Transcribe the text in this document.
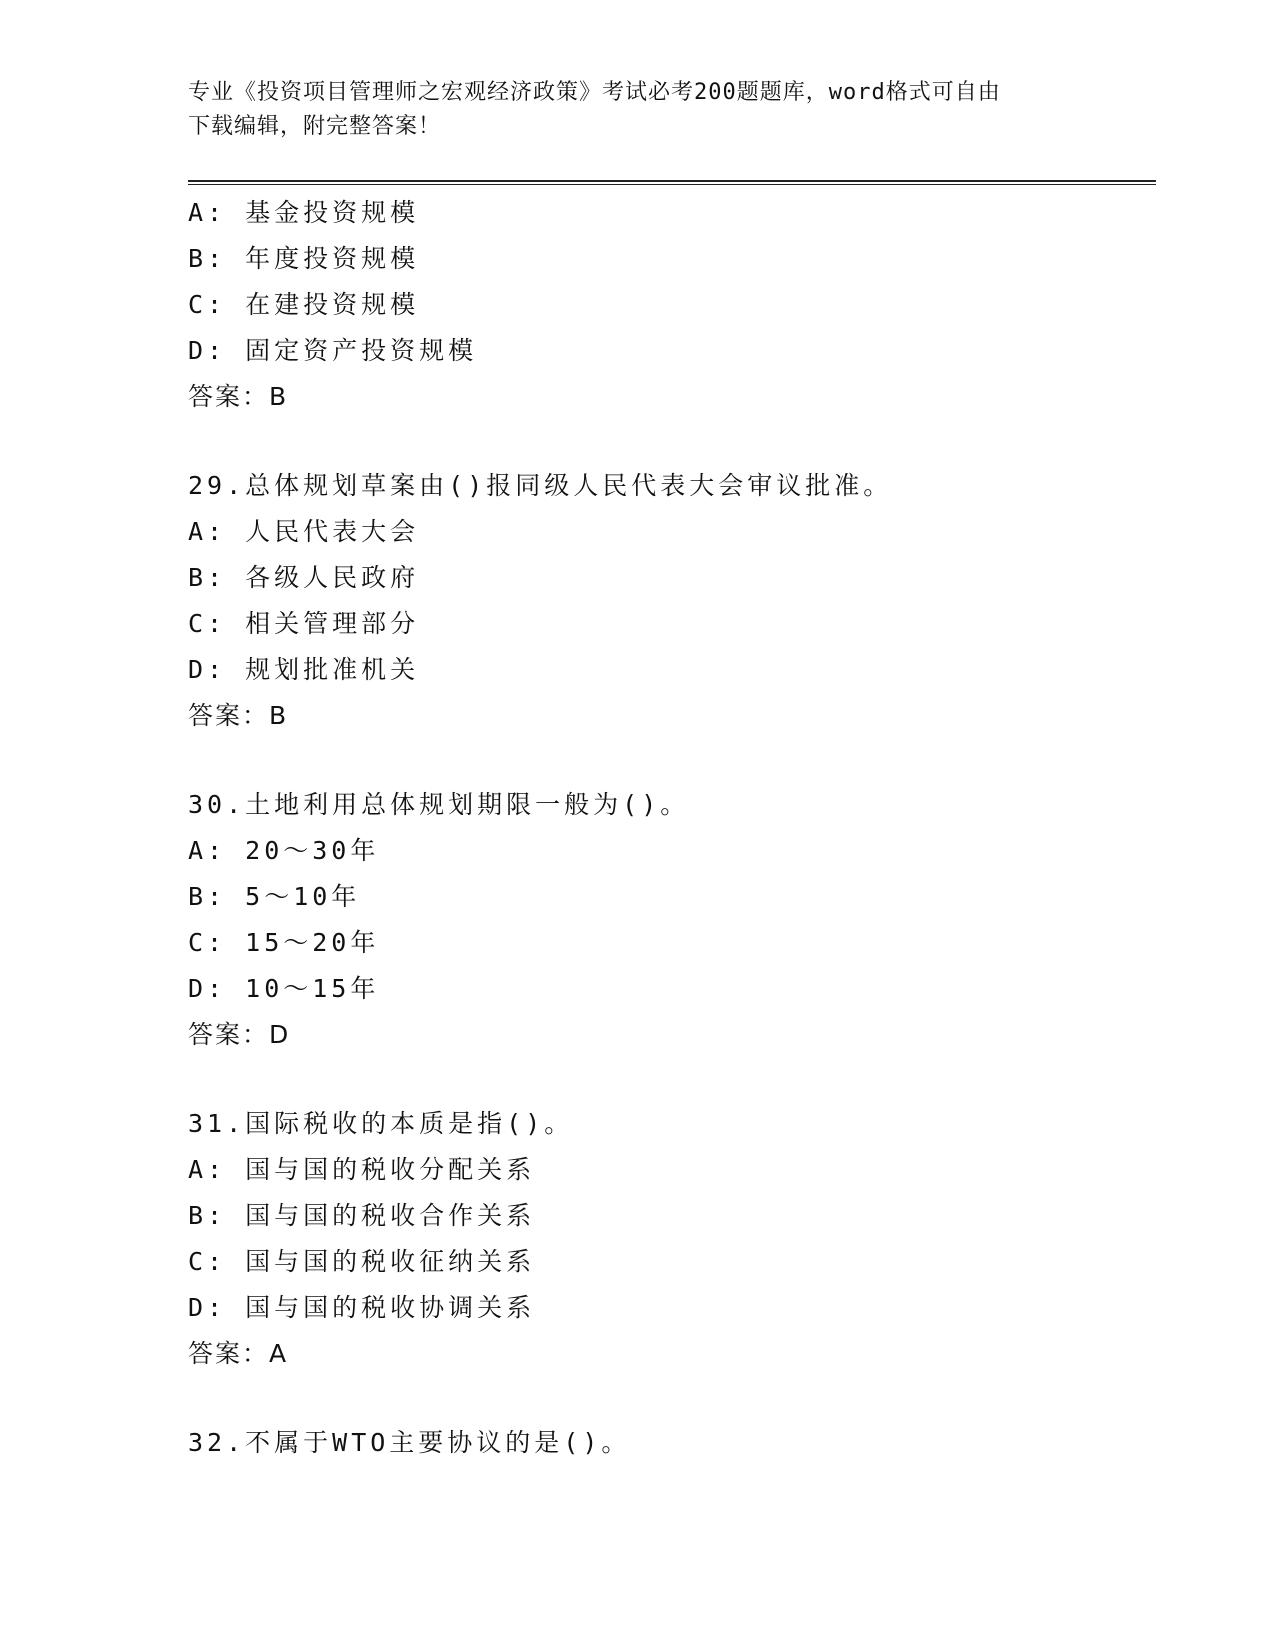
专业《投资项目管理师之宏观经济政策》考试必考200题题库，word格式可自由
下载编辑，附完整答案！
A: 基金投资规模
B: 年度投资规模
C: 在建投资规模
D: 固定资产投资规模
答案：B
29.总体规划草案由()报同级人民代表大会审议批准。
A: 人民代表大会
B: 各级人民政府
C: 相关管理部分
D: 规划批准机关
答案：B
30.土地利用总体规划期限一般为()。
A: 20～30年
B: 5～10年
C: 15～20年
D: 10～15年
答案：D
31.国际税收的本质是指()。
A: 国与国的税收分配关系
B: 国与国的税收合作关系
C: 国与国的税收征纳关系
D: 国与国的税收协调关系
答案：A
32.不属于WTO主要协议的是()。
